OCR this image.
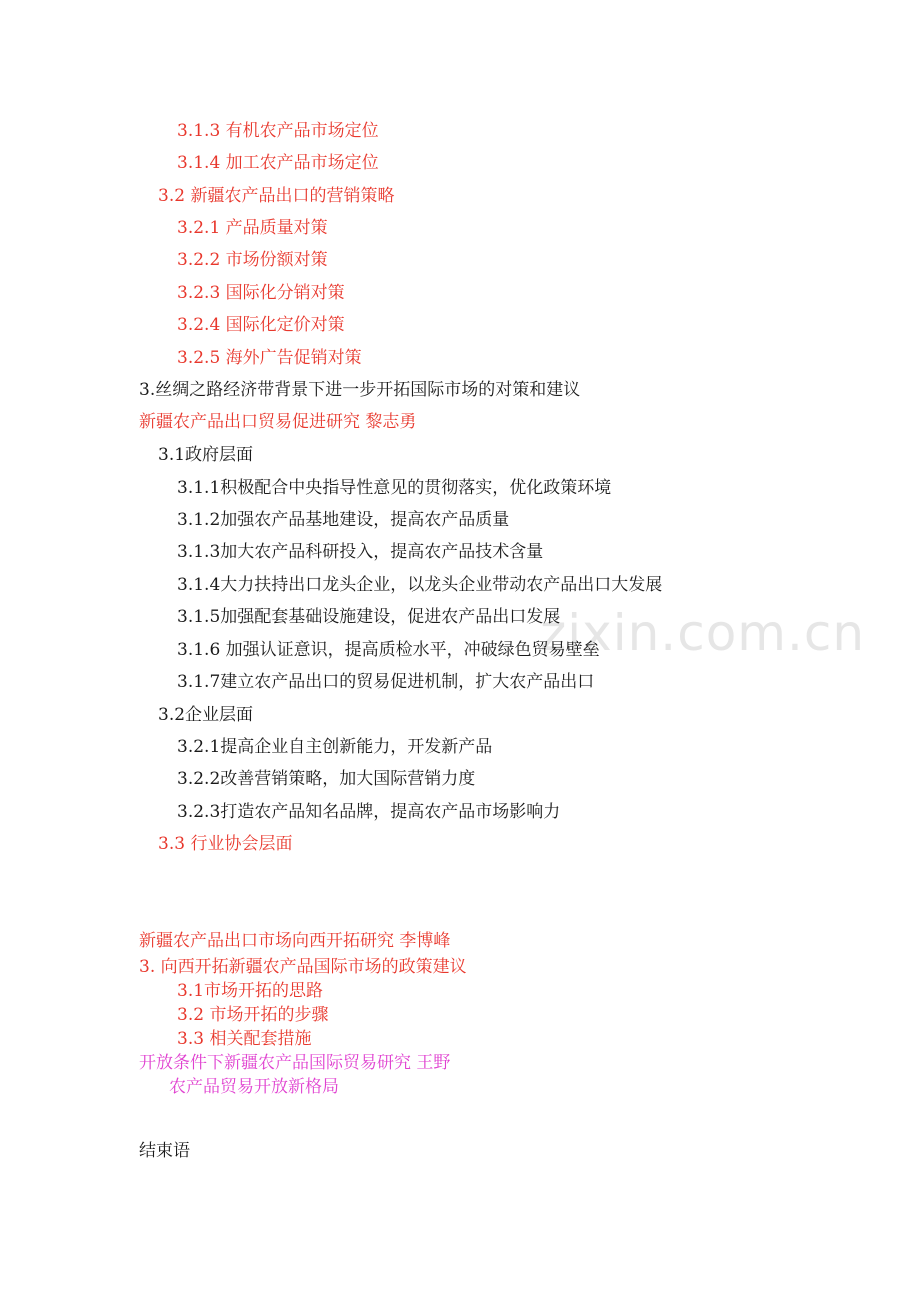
zixin.com.cn
3.1.3 有机农产品市场定位
3.1.4 加工农产品市场定位
3.2 新疆农产品出口的营销策略
3.2.1 产品质量对策
3.2.2 市场份额对策
3.2.3 国际化分销对策
3.2.4 国际化定价对策
3.2.5 海外广告促销对策
3.丝绸之路经济带背景下进一步开拓国际市场的对策和建议
新疆农产品出口贸易促进研究 黎志勇
3.1政府层面
3.1.1积极配合中央指导性意见的贯彻落实，优化政策环境
3.1.2加强农产品基地建设，提高农产品质量
3.1.3加大农产品科研投入，提高农产品技术含量
3.1.4大力扶持出口龙头企业，以龙头企业带动农产品出口大发展
3.1.5加强配套基础设施建设，促进农产品出口发展
3.1.6 加强认证意识，提高质检水平，冲破绿色贸易壁垒
3.1.7建立农产品出口的贸易促进机制，扩大农产品出口
3.2企业层面
3.2.1提高企业自主创新能力，开发新产品
3.2.2改善营销策略，加大国际营销力度
3.2.3打造农产品知名品牌，提高农产品市场影响力
3.3 行业协会层面
新疆农产品出口市场向西开拓研究 李博峰
3. 向西开拓新疆农产品国际市场的政策建议
3.1市场开拓的思路
3.2 市场开拓的步骤
3.3 相关配套措施
开放条件下新疆农产品国际贸易研究 王野
农产品贸易开放新格局
结束语
